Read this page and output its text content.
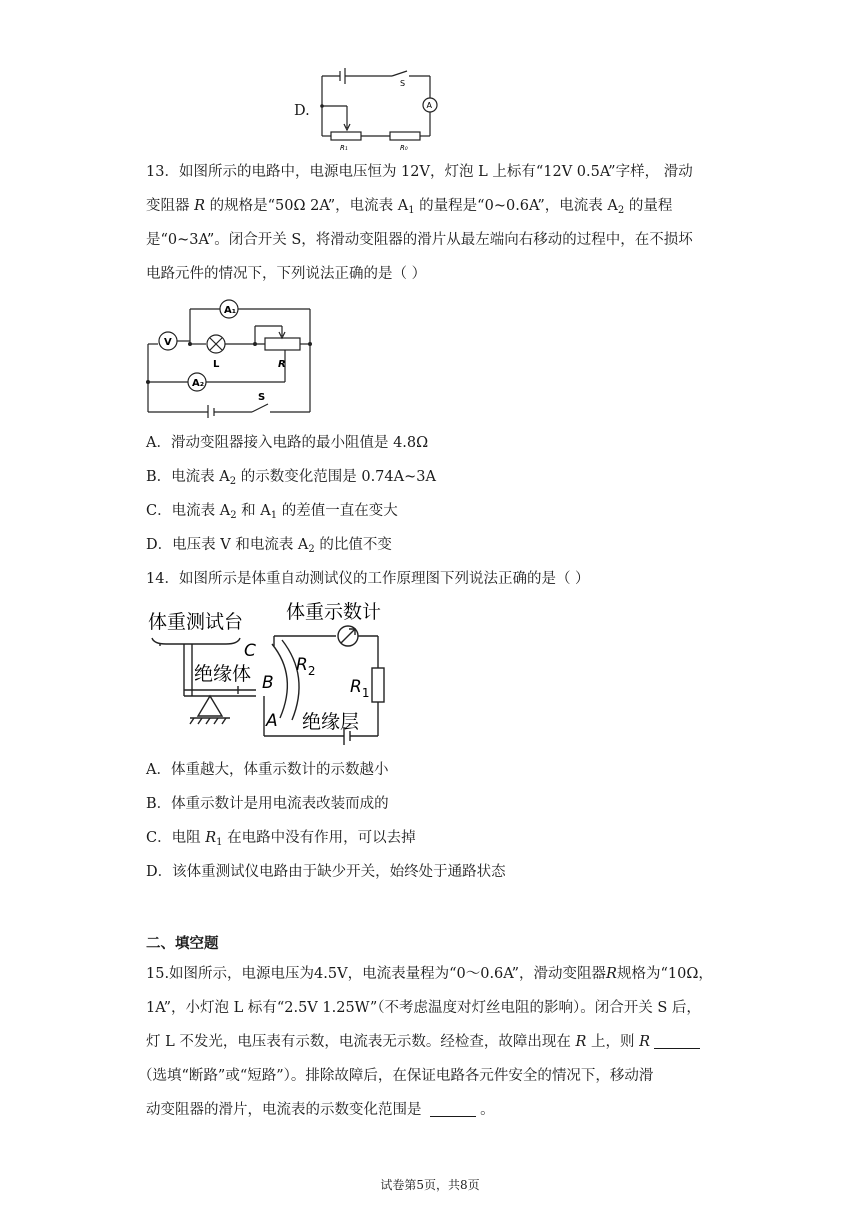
D.
S
A
R₁	R₀
13．如图所示的电路中，电源电压恒为 12V，灯泡 L 上标有“12V 0.5A”字样， 滑动
变阻器 R 的规格是“50Ω 2A”，电流表 $A_1$ 的量程是“0~0.6A”，电流表 $A_2$ 的量程
是“0~3A”。闭合开关 S，将滑动变阻器的滑片从最左端向右移动的过程中，在不损坏
电路元件的情况下，下列说法正确的是（ ）
A₁
V
L	R
A₂
S
A．滑动变阻器接入电路的最小阻值是 4.8Ω
B．电流表 $A_2$ 的示数变化范围是 0.74A~3A
C．电流表 $A_2$ 和 $A_1$ 的差值一直在变大
D．电压表 V 和电流表 $A_2$ 的比值不变
14．如图所示是体重自动测试仪的工作原理图下列说法正确的是（ ）
体重测试台 体重示数计
绝缘体
绝缘层
C
B
A
$R_2$
$R_1$
A．体重越大，体重示数计的示数越小
B．体重示数计是用电流表改装而成的
C．电阻 $R_1$ 在电路中没有作用，可以去掉
D．该体重测试仪电路由于缺少开关，始终处于通路状态
二、填空题
15.如图所示，电源电压为4.5V，电流表量程为“0～0.6A”，滑动变阻器R规格为“10Ω，
1A”，小灯泡 L 标有“2.5V 1.25W”（不考虑温度对灯丝电阻的影响）。闭合开关 S 后，
灯 L 不发光，电压表有示数，电流表无示数。经检查，故障出现在 R 上，则 R
（选填“断路”或“短路”）。排除故障后，在保证电路各元件安全的情况下，移动滑
动变阻器的滑片，电流表的示数变化范围是	。
试卷第5页，共8页
